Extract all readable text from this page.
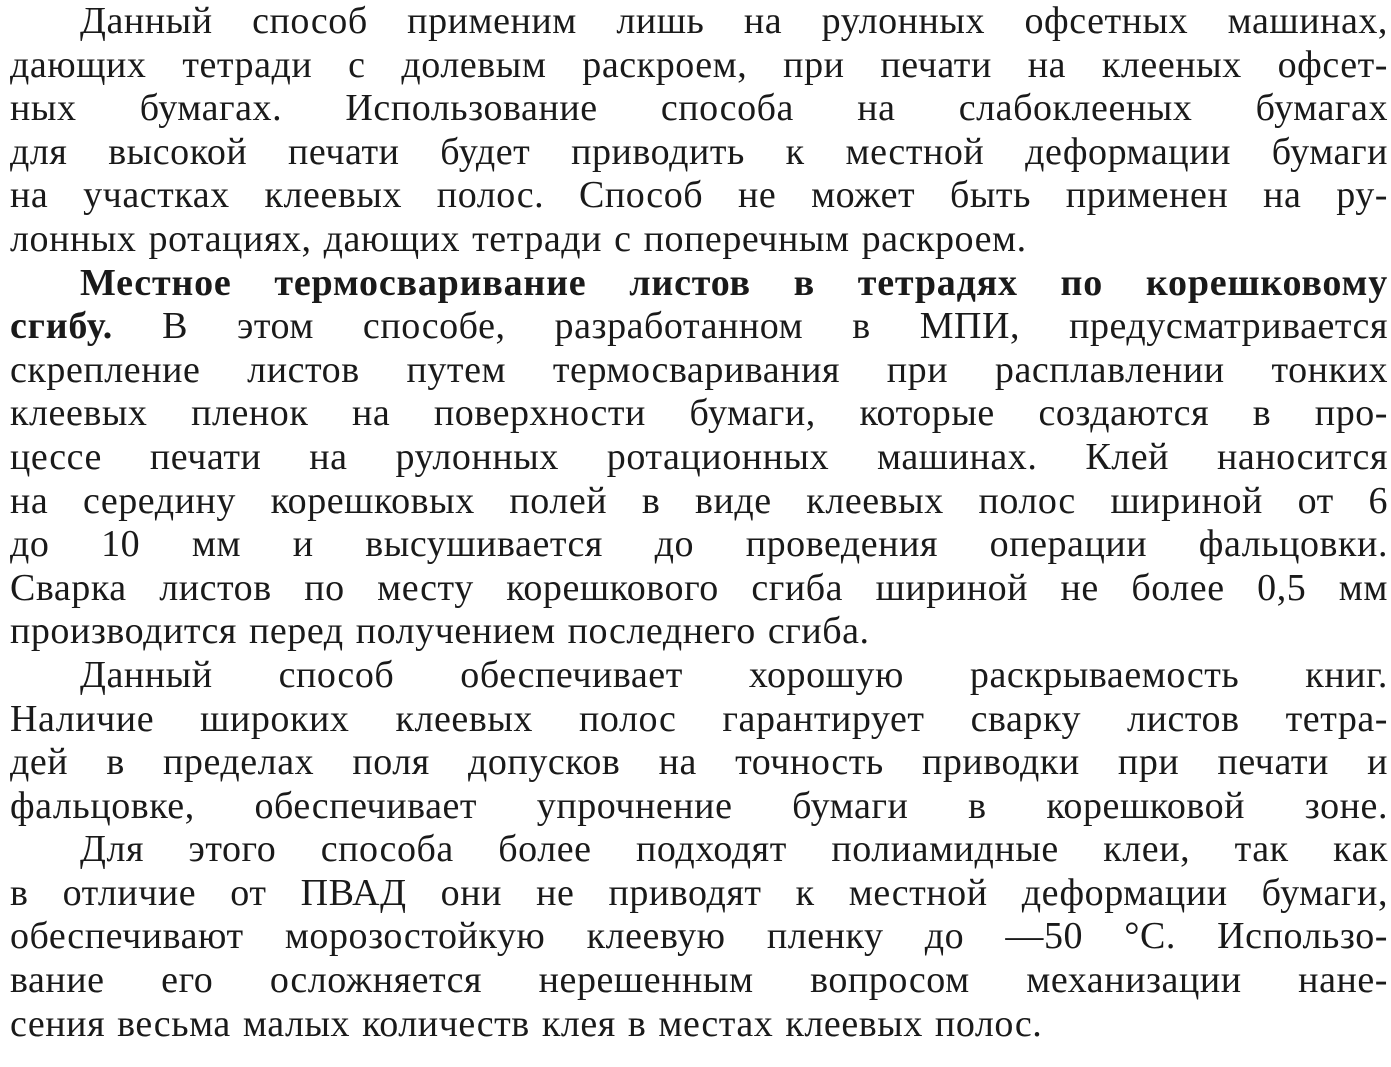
Данный способ применим лишь на рулонных офсетных машинах,
дающих тетради с долевым раскроем, при печати на клееных офсет-
ных бумагах. Использование способа на слабоклееных бумагах
для высокой печати будет приводить к местной деформации бумаги
на участках клеевых полос. Способ не может быть применен на ру-
лонных ротациях, дающих тетради с поперечным раскроем.
Местное термосваривание листов в тетрадях по корешковому
сгибу. В этом способе, разработанном в МПИ, предусматривается
скрепление листов путем термосваривания при расплавлении тонких
клеевых пленок на поверхности бумаги, которые создаются в про-
цессе печати на рулонных ротационных машинах. Клей наносится
на середину корешковых полей в виде клеевых полос шириной от 6
до 10 мм и высушивается до проведения операции фальцовки.
Сварка листов по месту корешкового сгиба шириной не более 0,5 мм
производится перед получением последнего сгиба.
Данный способ обеспечивает хорошую раскрываемость книг.
Наличие широких клеевых полос гарантирует сварку листов тетра-
дей в пределах поля допусков на точность приводки при печати и
фальцовке, обеспечивает упрочнение бумаги в корешковой зоне.
Для этого способа более подходят полиамидные клеи, так как
в отличие от ПВАД они не приводят к местной деформации бумаги,
обеспечивают морозостойкую клеевую пленку до —50 °С. Использо-
вание его осложняется нерешенным вопросом механизации нане-
сения весьма малых количеств клея в местах клеевых полос.
